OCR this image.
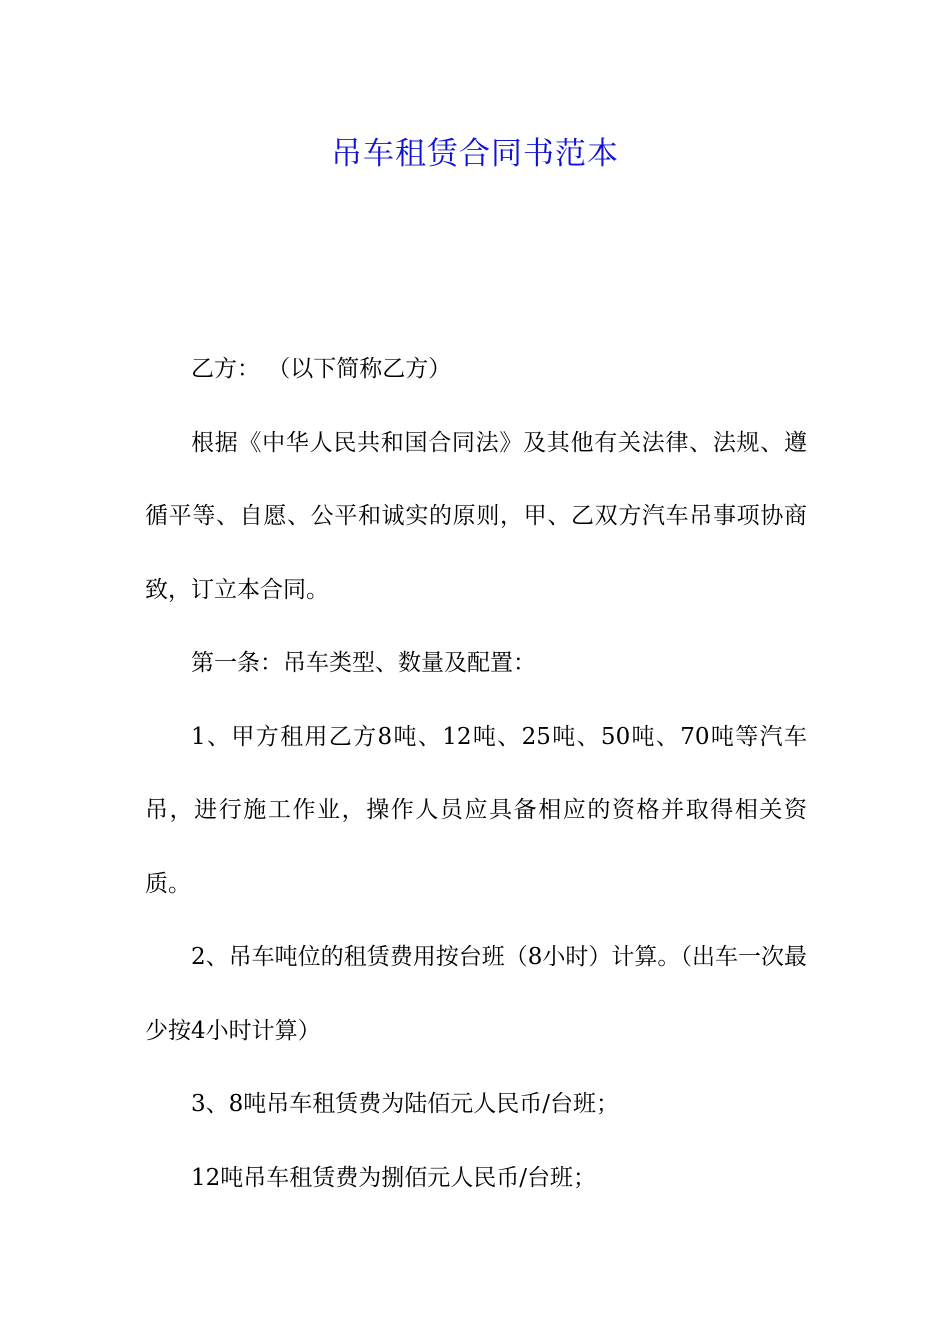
吊车租赁合同书范本

乙方： （以下简称乙方）

根据《中华人民共和国合同法》及其他有关法律、法规、遵循平等、自愿、公平和诚实的原则，甲、乙双方汽车吊事项协商致，订立本合同。

第一条：吊车类型、数量及配置：

1、甲方租用乙方8吨、12吨、25吨、50吨、70吨等汽车吊，进行施工作业，操作人员应具备相应的资格并取得相关资质。

2、吊车吨位的租赁费用按台班（8小时）计算。（出车一次最少按4小时计算）

3、8吨吊车租赁费为陆佰元人民币/台班；

12吨吊车租赁费为捌佰元人民币/台班；
